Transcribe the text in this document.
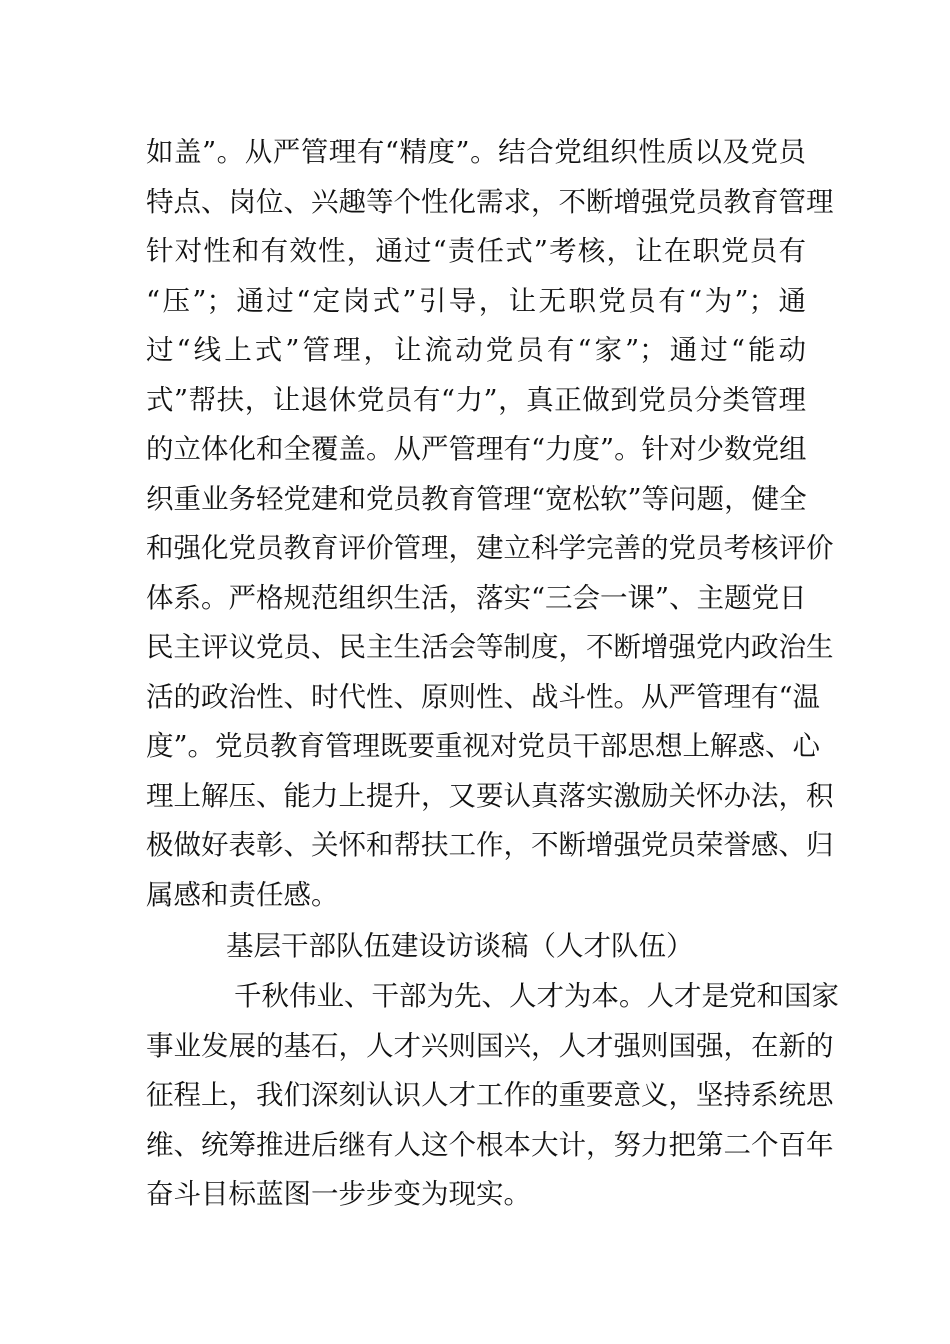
如盖”。从严管理有“精度”。结合党组织性质以及党员
特点、岗位、兴趣等个性化需求，不断增强党员教育管理
针对性和有效性，通过“责任式”考核，让在职党员有
“压”；通过“定岗式”引导，让无职党员有“为”；通
过“线上式”管理，让流动党员有“家”；通过“能动
式”帮扶，让退休党员有“力”，真正做到党员分类管理
的立体化和全覆盖。从严管理有“力度”。针对少数党组
织重业务轻党建和党员教育管理“宽松软”等问题，健全
和强化党员教育评价管理，建立科学完善的党员考核评价
体系。严格规范组织生活，落实“三会一课”、主题党日
民主评议党员、民主生活会等制度，不断增强党内政治生
活的政治性、时代性、原则性、战斗性。从严管理有“温
度”。党员教育管理既要重视对党员干部思想上解惑、心
理上解压、能力上提升，又要认真落实激励关怀办法，积
极做好表彰、关怀和帮扶工作，不断增强党员荣誉感、归
属感和责任感。
基层干部队伍建设访谈稿（人才队伍）
千秋伟业、干部为先、人才为本。人才是党和国家
事业发展的基石，人才兴则国兴，人才强则国强，在新的
征程上，我们深刻认识人才工作的重要意义，坚持系统思
维、统筹推进后继有人这个根本大计，努力把第二个百年
奋斗目标蓝图一步步变为现实。
